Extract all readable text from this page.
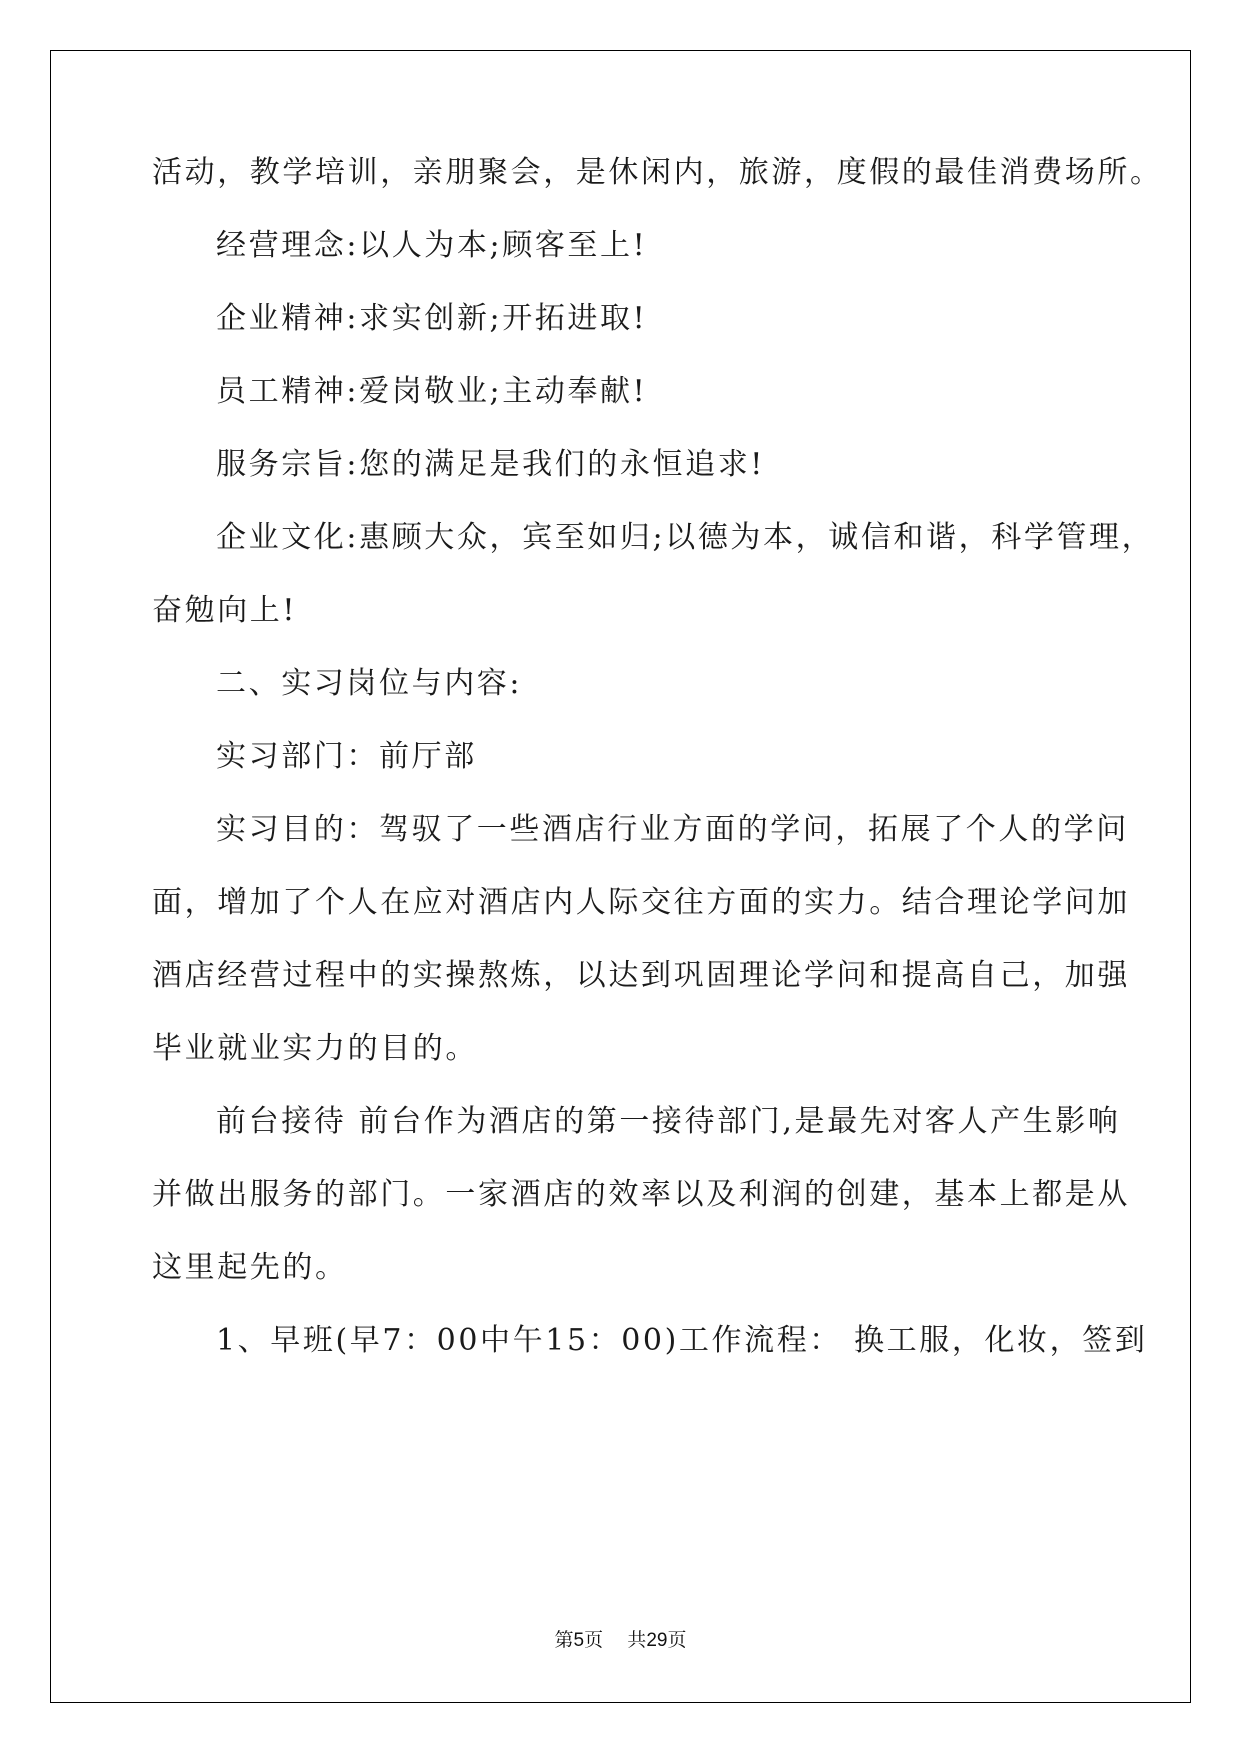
活动，教学培训，亲朋聚会，是休闲内，旅游，度假的最佳消费场所。
经营理念:以人为本;顾客至上!
企业精神:求实创新;开拓进取!
员工精神:爱岗敬业;主动奉献!
服务宗旨:您的满足是我们的永恒追求!
企业文化:惠顾大众，宾至如归;以德为本，诚信和谐，科学管理，
奋勉向上!
二、实习岗位与内容:
实习部门：前厅部
实习目的：驾驭了一些酒店行业方面的学问，拓展了个人的学问
面，增加了个人在应对酒店内人际交往方面的实力。结合理论学问加
酒店经营过程中的实操熬炼，以达到巩固理论学问和提高自己，加强
毕业就业实力的目的。
前台接待 前台作为酒店的第一接待部门,是最先对客人产生影响
并做出服务的部门。一家酒店的效率以及利润的创建，基本上都是从
这里起先的。
1、早班(早7：00中午15：00)工作流程： 换工服，化妆，签到
第5页 共29页
